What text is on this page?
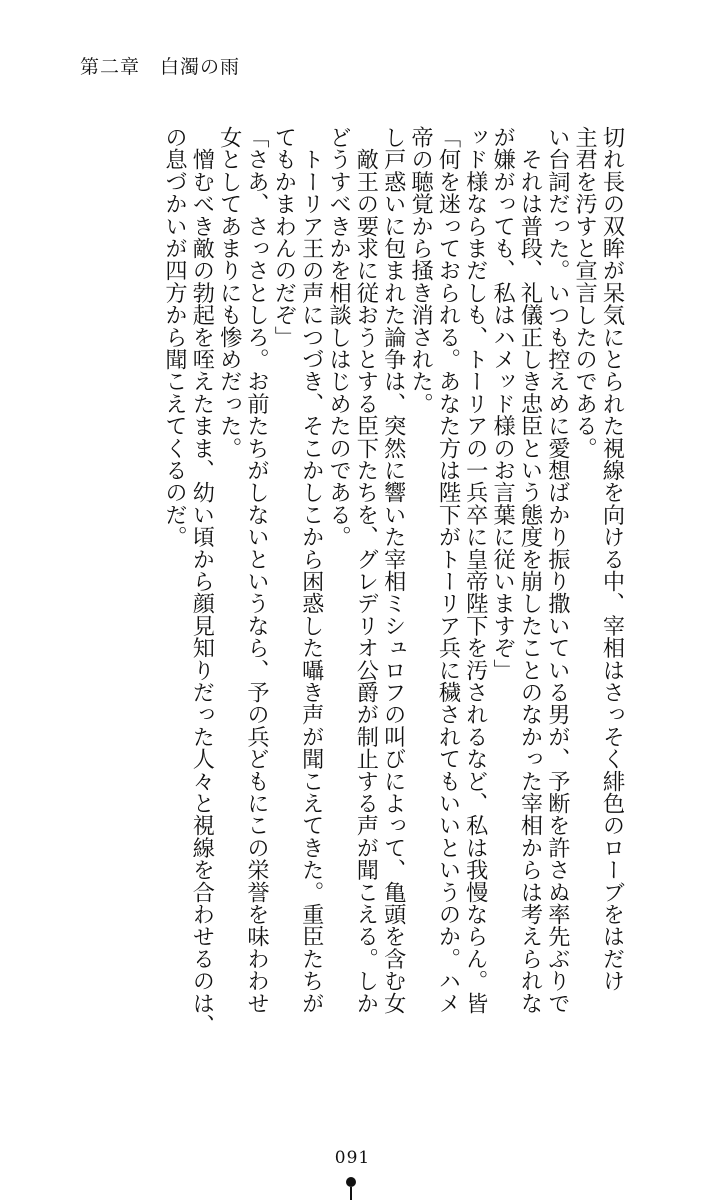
第二章　白濁の雨

切れ長の双眸が呆気にとられた視線を向ける中、宰相はさっそく緋色のローブをはだけ

主君を汚すと宣言したのである。

い台詞だった。いつも控えめに愛想ばかり振り撒いている男が、予断を許さぬ率先ぶりで

　それは普段、礼儀正しき忠臣という態度を崩したことのなかった宰相からは考えられな

が嫌がっても、私はハメッド様のお言葉に従いますぞ」

ッド様ならまだしも、トーリアの一兵卒に皇帝陛下を汚されるなど、私は我慢ならん。皆

「何を迷っておられる。あなた方は陛下がトーリア兵に穢されてもいいというのか。ハメ

帝の聴覚から掻き消された。

し戸惑いに包まれた論争は、突然に響いた宰相ミシュロフの叫びによって、亀頭を含む女

　敵王の要求に従おうとする臣下たちを、グレデリオ公爵が制止する声が聞こえる。しか

どうすべきかを相談しはじめたのである。

　トーリア王の声につづき、そこかしこから困惑した囁き声が聞こえてきた。重臣たちが

てもかまわんのだぞ」

「さあ、さっさとしろ。お前たちがしないというなら、予の兵どもにこの栄誉を味わわせ

女としてあまりにも惨めだった。

　憎むべき敵の勃起を咥えたまま、幼い頃から顔見知りだった人々と視線を合わせるのは、

の息づかいが四方から聞こえてくるのだ。

091
